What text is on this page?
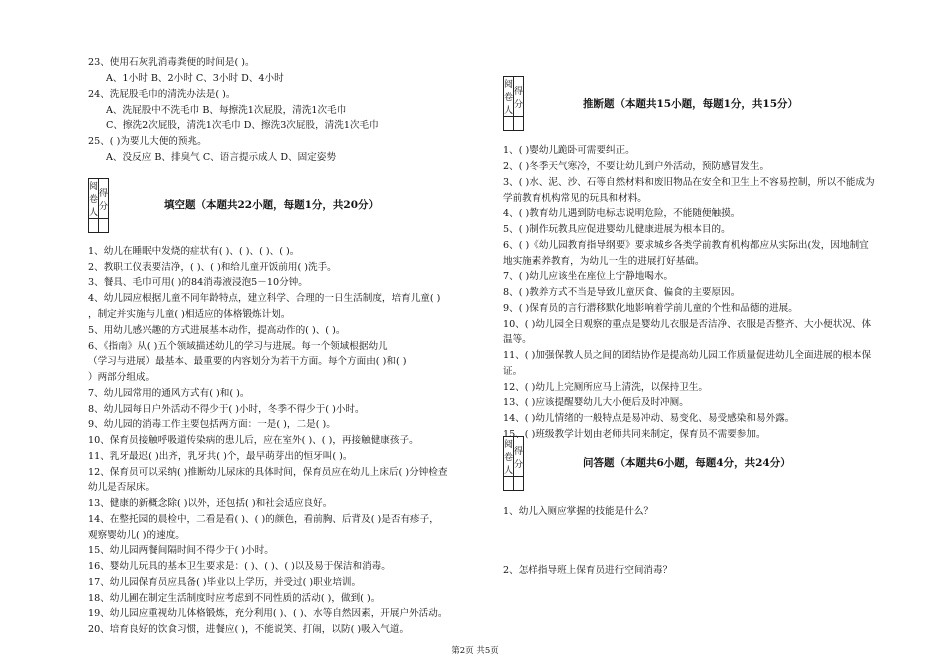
23、使用石灰乳消毒粪便的时间是( )。
A、1小时 B、2小时 C、3小时 D、4小时
24、洗屁股毛巾的清洗办法是( )。
A、洗屁股中不洗毛巾 B、每擦洗1次屁股，清洗1次毛巾
C、擦洗2次屁股，清洗1次毛巾 D、擦洗3次屁股，清洗1次毛巾
25、( )为要儿大便的预兆。
A、没反应 B、排臭气 C、语言提示成人 D、固定姿势
阅卷人	得分
		填空题（本题共22小题，每题1分，共20分）
1、幼儿在睡眠中发烧的症状有( )、( )、( )、( )。
2、教职工仪表要洁净，( )、( )和给儿童开饭前用( )洗手。
3、餐具、毛巾可用( )的84消毒液浸泡5－10分钟。
4、幼儿园应根据儿童不同年龄特点，建立科学、合理的一日生活制度，培育儿童( )
，制定并实施与儿童( )相适应的体格锻炼计划。
5、用幼儿感兴趣的方式进展基本动作，提高动作的( )、( )。
6、《指南》从( )五个领域描述幼儿的学习与进展。每一个领域根据幼儿
（学习与进展）最基本、最重要的内容划分为若干方面。每个方面由( )和( )
）两部分组成。
7、幼儿园常用的通风方式有( )和( )。
8、幼儿园每日户外活动不得少于( )小时，冬季不得少于( )小时。
9、幼儿园的消毒工作主要包括两方面：一是( )，二是( )。
10、保育员接触呼吸道传染病的患儿后，应在室外( )、( )，再接触健康孩子。
11、乳牙最迟( )出齐，乳牙共( )个，最早萌芽出的恒牙叫( )。
12、保育员可以采纳( )推断幼儿尿床的具体时间，保育员应在幼儿上床后( )分钟检查
幼儿是否尿床。
13、健康的新概念除( )以外，还包括( )和社会适应良好。
14、在整托园的晨检中，二看是看( )、( )的颜色，看前胸、后背及( )是否有疹子，
观察婴幼儿( )的速度。
15、幼儿园两餐间隔时间不得少于( )小时。
16、婴幼儿玩具的基本卫生要求是：( )、( )、( )以及易于保洁和消毒。
17、幼儿园保育员应具备( )毕业以上学历，并受过( )职业培训。
18、幼儿圃在制定生活制度时应考虑到不同性质的活动( )，做到( )。
19、幼儿园应重视幼儿体格锻炼，充分利用( )、( )、水等自然因素，开展户外活动。
20、培育良好的饮食习惯，进餐应( )，不能说笑、打闹，以防( )吸入气道。
阅卷人	得分
		推断题（本题共15小题，每题1分，共15分）
1、( )婴幼儿跪卧可需要纠正。
2、( )冬季天气寒冷，不要让幼儿到户外活动，预防感冒发生。
3、( )水、泥、沙、石等自然材料和废旧物品在安全和卫生上不容易控制，所以不能成为
学前教育机构常见的玩具和材料。
4、( )教育幼儿遇到防电标志说明危险，不能随便触摸。
5、( )制作玩教具应促进婴幼儿健康进展为根本目的。
6、( )《幼儿园教育指导纲要》要求城乡各类学前教育机构都应从实际出(发，因地制宜
地实施素养教育，为幼儿一生的进展打好基础。
7、( )幼儿应该坐在座位上宁静地喝水。
8、( )教养方式不当是导致儿童厌食、偏食的主要原因。
9、( )保育员的言行潜移默化地影响着学前儿童的个性和品德的进展。
10、( )幼儿园全日观察的重点是婴幼儿衣服是否洁净、衣服是否整齐、大小便状况、体
温等。
11、( )加强保教人员之间的团结协作是提高幼儿园工作质量促进幼儿全面进展的根本保
证。
12、( )幼儿上完厕所应马上清洗，以保持卫生。
13、( )应该提醒婴幼儿大小便后及时冲厕。
14、( )幼儿情绪的一般特点是易冲动、易变化、易受感染和易外露。
15、( )班级教学计划由老师共同来制定，保育员不需要参加。
阅卷人	得分
		问答题（本题共6小题，每题4分，共24分）
1、幼儿入厕应掌握的技能是什么？
2、怎样指导班上保育员进行空间消毒？
第2页 共5页
